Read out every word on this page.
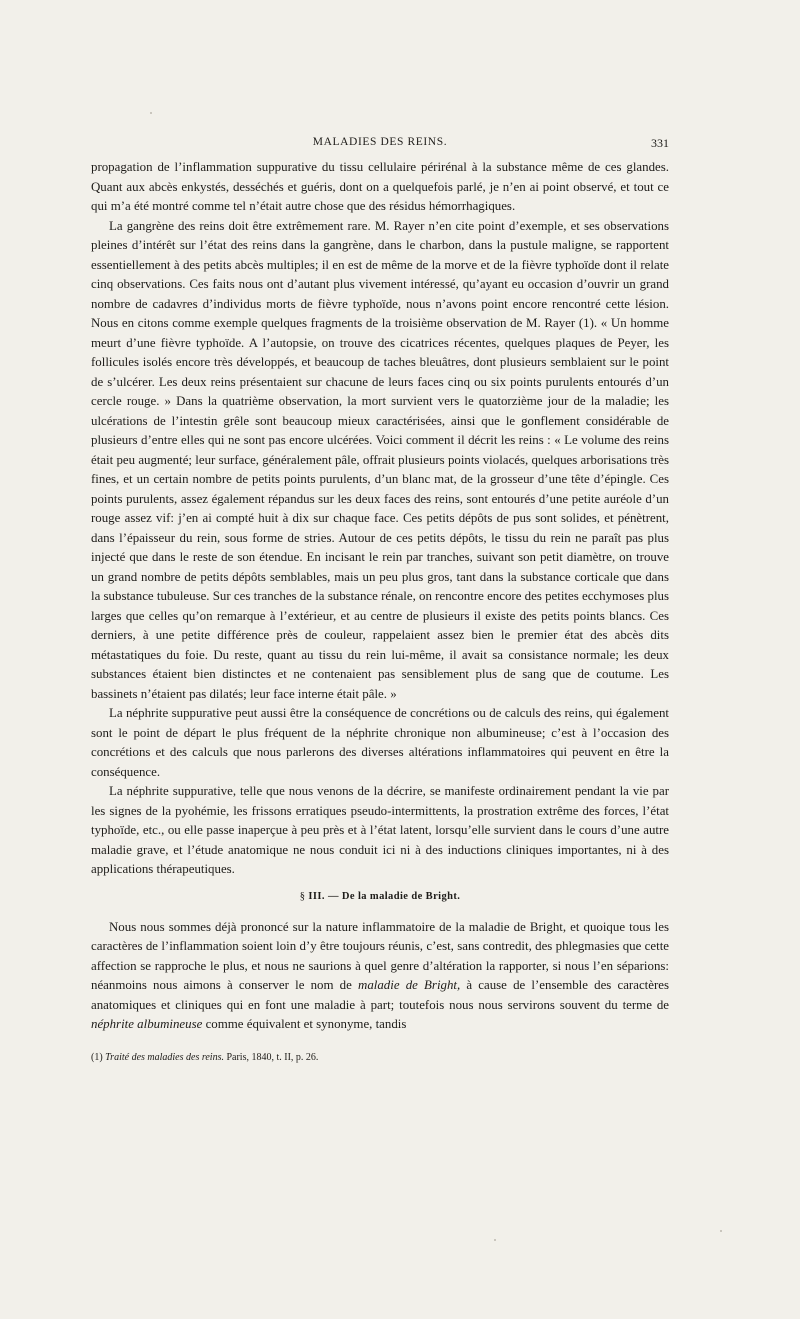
MALADIES DES REINS.	331

propagation de l’inflammation suppurative du tissu cellulaire périrénal à la substance même de ces glandes. Quant aux abcès enkystés, desséchés et guéris, dont on a quelquefois parlé, je n’en ai point observé, et tout ce qui m’a été montré comme tel n’était autre chose que des résidus hémorrhagiques.

La gangrène des reins doit être extrêmement rare. M. Rayer n’en cite point d’exemple, et ses observations pleines d’intérêt sur l’état des reins dans la gangrène, dans le charbon, dans la pustule maligne, se rapportent essentiellement à des petits abcès multiples; il en est de même de la morve et de la fièvre typhoïde dont il relate cinq observations. Ces faits nous ont d’autant plus vivement intéressé, qu’ayant eu occasion d’ouvrir un grand nombre de cadavres d’individus morts de fièvre typhoïde, nous n’avons point encore rencontré cette lésion. Nous en citons comme exemple quelques fragments de la troisième observation de M. Rayer (1). « Un homme meurt d’une fièvre typhoïde. A l’autopsie, on trouve des cicatrices récentes, quelques plaques de Peyer, les follicules isolés encore très développés, et beaucoup de taches bleuâtres, dont plusieurs semblaient sur le point de s’ulcérer. Les deux reins présentaient sur chacune de leurs faces cinq ou six points purulents entourés d’un cercle rouge. » Dans la quatrième observation, la mort survient vers le quatorzième jour de la maladie; les ulcérations de l’intestin grêle sont beaucoup mieux caractérisées, ainsi que le gonflement considérable de plusieurs d’entre elles qui ne sont pas encore ulcérées. Voici comment il décrit les reins : « Le volume des reins était peu augmenté; leur surface, généralement pâle, offrait plusieurs points violacés, quelques arborisations très fines, et un certain nombre de petits points purulents, d’un blanc mat, de la grosseur d’une tête d’épingle. Ces points purulents, assez également répandus sur les deux faces des reins, sont entourés d’une petite auréole d’un rouge assez vif: j’en ai compté huit à dix sur chaque face. Ces petits dépôts de pus sont solides, et pénètrent, dans l’épaisseur du rein, sous forme de stries. Autour de ces petits dépôts, le tissu du rein ne paraît pas plus injecté que dans le reste de son étendue. En incisant le rein par tranches, suivant son petit diamètre, on trouve un grand nombre de petits dépôts semblables, mais un peu plus gros, tant dans la substance corticale que dans la substance tubuleuse. Sur ces tranches de la substance rénale, on rencontre encore des petites ecchymoses plus larges que celles qu’on remarque à l’extérieur, et au centre de plusieurs il existe des petits points blancs. Ces derniers, à une petite différence près de couleur, rappelaient assez bien le premier état des abcès dits métastatiques du foie. Du reste, quant au tissu du rein lui-même, il avait sa consistance normale; les deux substances étaient bien distinctes et ne contenaient pas sensiblement plus de sang que de coutume. Les bassinets n’étaient pas dilatés; leur face interne était pâle. »

La néphrite suppurative peut aussi être la conséquence de concrétions ou de calculs des reins, qui également sont le point de départ le plus fréquent de la néphrite chronique non albumineuse; c’est à l’occasion des concrétions et des calculs que nous parlerons des diverses altérations inflammatoires qui peuvent en être la conséquence.

La néphrite suppurative, telle que nous venons de la décrire, se manifeste ordinairement pendant la vie par les signes de la pyohémie, les frissons erratiques pseudo-intermittents, la prostration extrême des forces, l’état typhoïde, etc., ou elle passe inaperçue à peu près et à l’état latent, lorsqu’elle survient dans le cours d’une autre maladie grave, et l’étude anatomique ne nous conduit ici ni à des inductions cliniques importantes, ni à des applications thérapeutiques.

§ III. — De la maladie de Bright.

Nous nous sommes déjà prononcé sur la nature inflammatoire de la maladie de Bright, et quoique tous les caractères de l’inflammation soient loin d’y être toujours réunis, c’est, sans contredit, des phlegmasies que cette affection se rapproche le plus, et nous ne saurions à quel genre d’altération la rapporter, si nous l’en séparions: néanmoins nous aimons à conserver le nom de maladie de Bright, à cause de l’ensemble des caractères anatomiques et cliniques qui en font une maladie à part; toutefois nous nous servirons souvent du terme de néphrite albumineuse comme équivalent et synonyme, tandis

(1) Traité des maladies des reins. Paris, 1840, t. II, p. 26.
